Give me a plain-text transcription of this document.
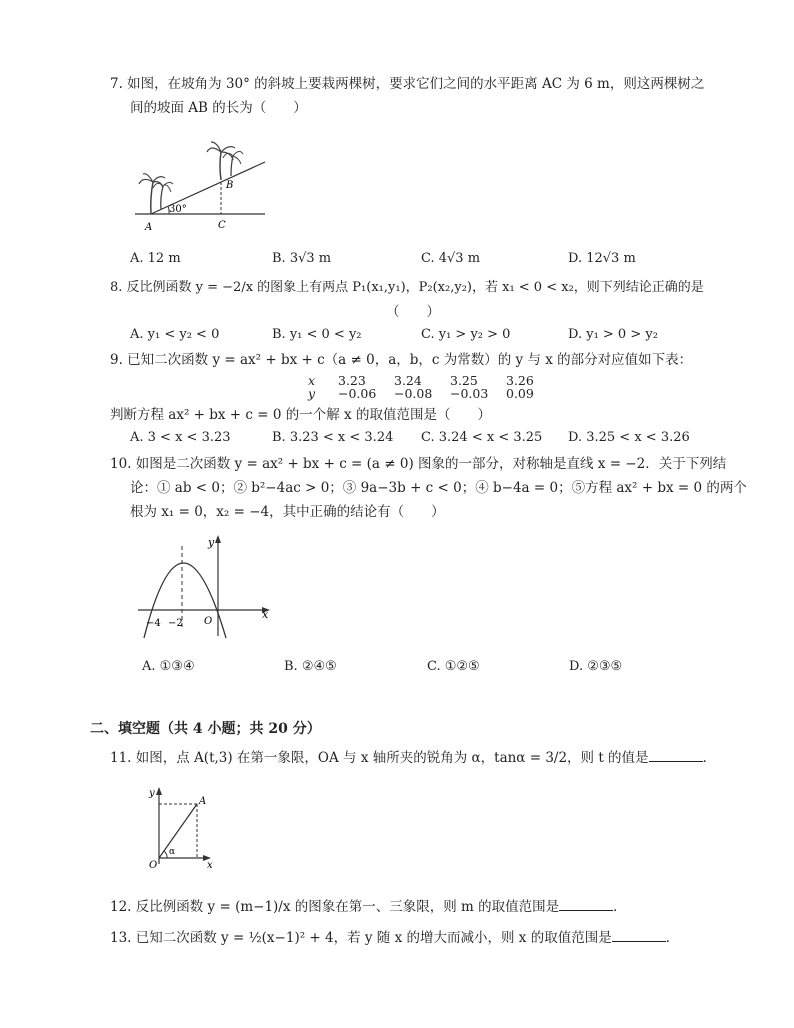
7. 如图，在坡角为 30° 的斜坡上要栽两棵树，要求它们之间的水平距离 AC 为 6 m，则这两棵树之
间的坡面 AB 的长为（　　）
30°
A
B
C
A. 12 m	B. 3√3 m	C. 4√3 m	D. 12√3 m
8. 反比例函数 y = −2/x 的图象上有两点 P₁(x₁,y₁)，P₂(x₂,y₂)，若 x₁ < 0 < x₂，则下列结论正确的是
（　　）
A. y₁ < y₂ < 0	B. y₁ < 0 < y₂	C. y₁ > y₂ > 0	D. y₁ > 0 > y₂
9. 已知二次函数 y = ax² + bx + c（a ≠ 0，a，b，c 为常数）的 y 与 x 的部分对应值如下表：
x	3.23	3.24	3.25	3.26
y	−0.06	−0.08	−0.03	0.09
判断方程 ax² + bx + c = 0 的一个解 x 的取值范围是（　　）
A. 3 < x < 3.23	B. 3.23 < x < 3.24 C. 3.24 < x < 3.25 D. 3.25 < x < 3.26
10. 如图是二次函数 y = ax² + bx + c = (a ≠ 0) 图象的一部分，对称轴是直线 x = −2．关于下列结
论：① ab < 0；② b²−4ac > 0；③ 9a−3b + c < 0；④ b−4a = 0；⑤方程 ax² + bx = 0 的两个
根为 x₁ = 0，x₂ = −4，其中正确的结论有（　　）
y
x
−4 −2 O
A. ①③④	B. ②④⑤	C. ①②⑤	D. ②③⑤
二、填空题（共 4 小题；共 20 分）
11. 如图，点 A(t,3) 在第一象限，OA 与 x 轴所夹的锐角为 α，tanα = 3/2，则 t 的值是	．
y
x
A
O
α
12. 反比例函数 y = (m−1)/x 的图象在第一、三象限，则 m 的取值范围是	．
13. 已知二次函数 y = ½(x−1)² + 4，若 y 随 x 的增大而减小，则 x 的取值范围是	．
